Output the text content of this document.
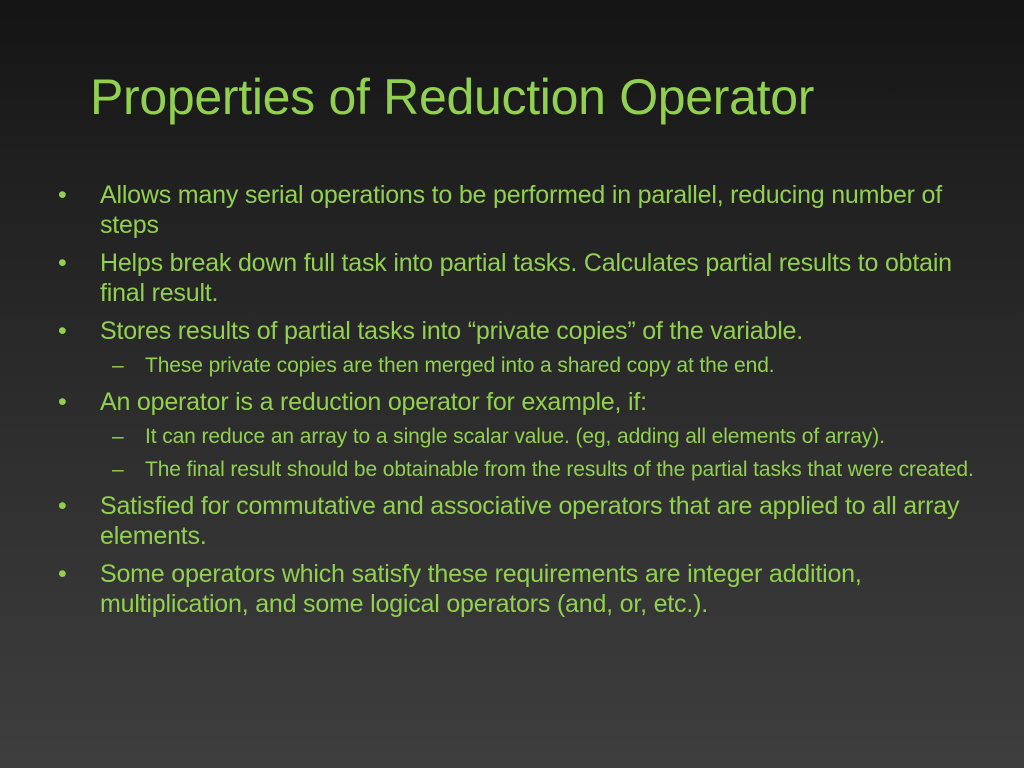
Properties of Reduction Operator
• Allows many serial operations to be performed in parallel, reducing number of steps
• Helps break down full task into partial tasks. Calculates partial results to obtain final result.
• Stores results of partial tasks into “private copies” of the variable.
– These private copies are then merged into a shared copy at the end.
• An operator is a reduction operator for example, if:
– It can reduce an array to a single scalar value. (eg, adding all elements of array).
– The final result should be obtainable from the results of the partial tasks that were created.
• Satisfied for commutative and associative operators that are applied to all array elements.
• Some operators which satisfy these requirements are integer addition, multiplication, and some logical operators (and, or, etc.).
